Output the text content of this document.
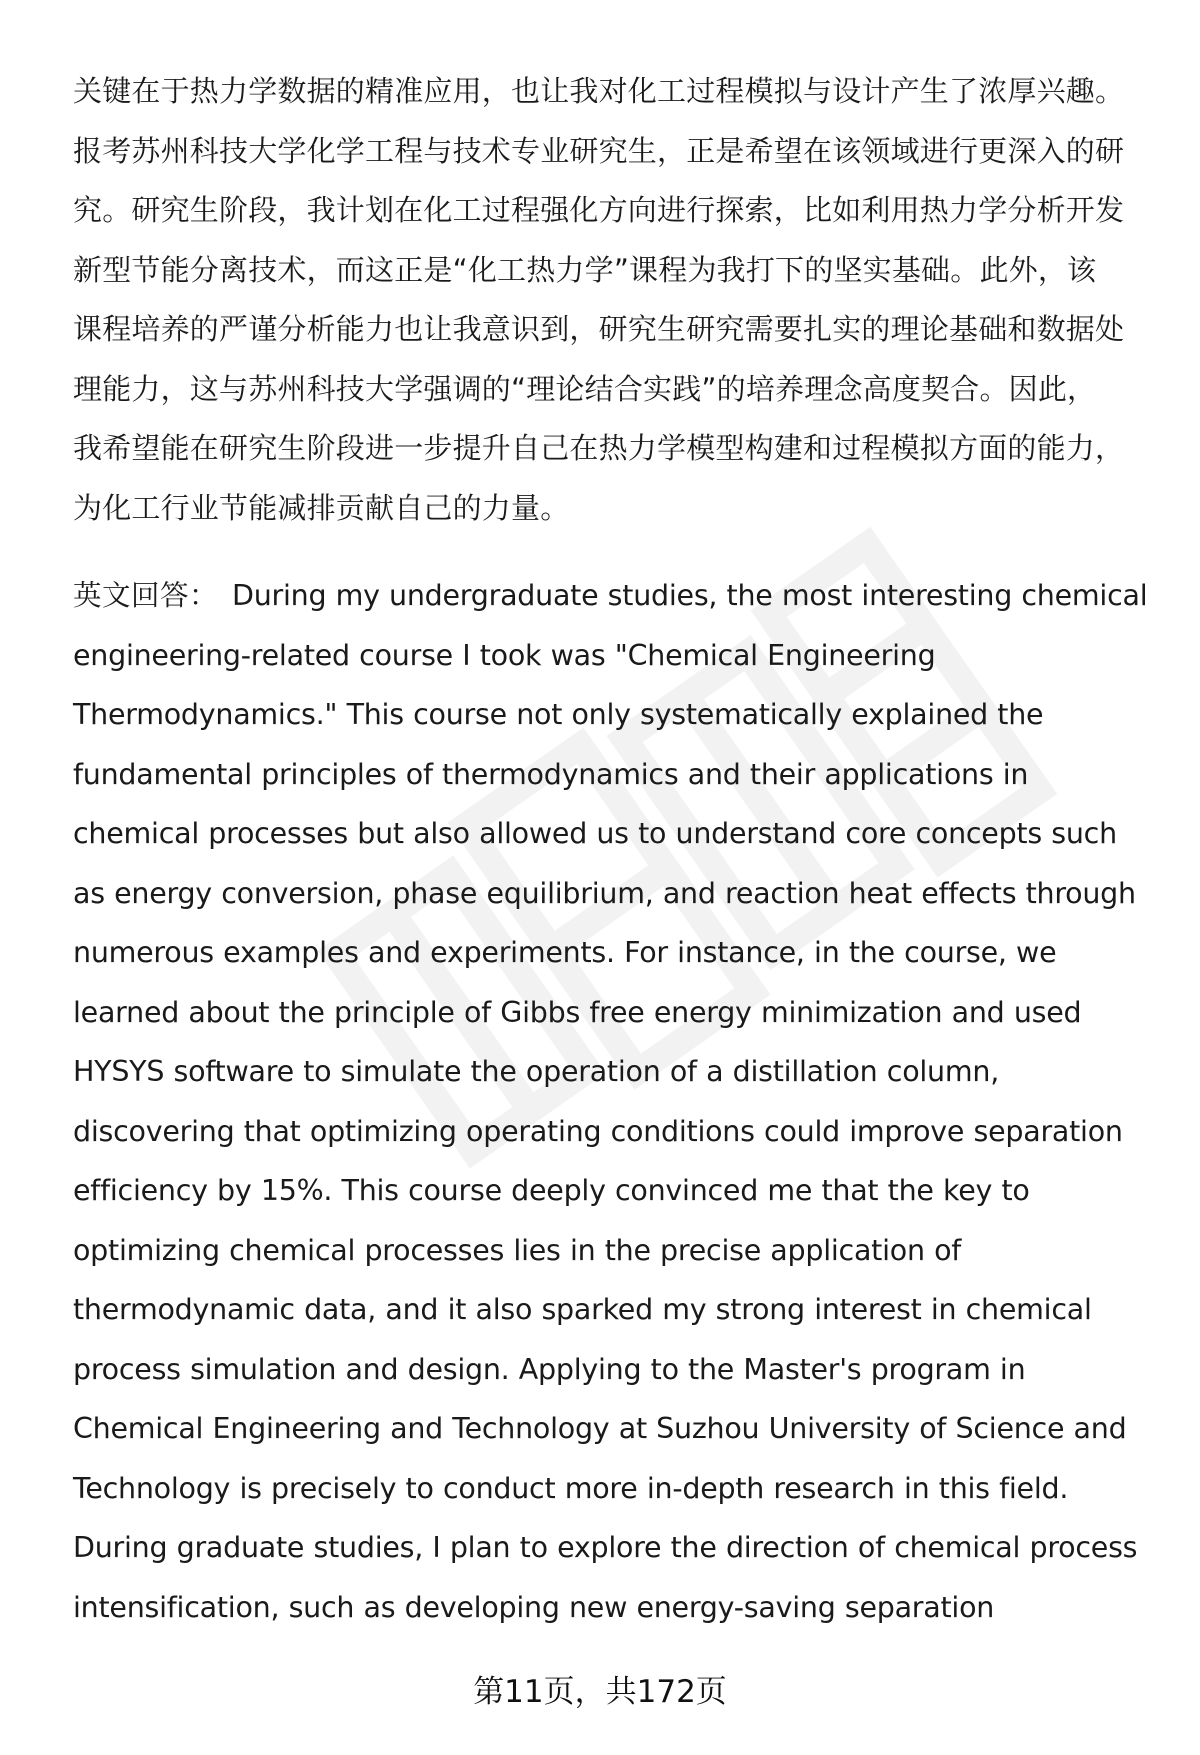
关键在于热力学数据的精准应用，也让我对化工过程模拟与设计产生了浓厚兴趣。
报考苏州科技大学化学工程与技术专业研究生，正是希望在该领域进行更深入的研
究。研究生阶段，我计划在化工过程强化方向进行探索，比如利用热力学分析开发
新型节能分离技术，而这正是“化工热力学”课程为我打下的坚实基础。此外，该
课程培养的严谨分析能力也让我意识到，研究生研究需要扎实的理论基础和数据处
理能力，这与苏州科技大学强调的“理论结合实践”的培养理念高度契合。因此，
我希望能在研究生阶段进一步提升自己在热力学模型构建和过程模拟方面的能力，
为化工行业节能减排贡献自己的力量。
英文回答： During my undergraduate studies, the most interesting chemical
engineering-related course I took was "Chemical Engineering
Thermodynamics." This course not only systematically explained the
fundamental principles of thermodynamics and their applications in
chemical processes but also allowed us to understand core concepts such
as energy conversion, phase equilibrium, and reaction heat effects through
numerous examples and experiments. For instance, in the course, we
learned about the principle of Gibbs free energy minimization and used
HYSYS software to simulate the operation of a distillation column,
discovering that optimizing operating conditions could improve separation
efficiency by 15%. This course deeply convinced me that the key to
optimizing chemical processes lies in the precise application of
thermodynamic data, and it also sparked my strong interest in chemical
process simulation and design. Applying to the Master's program in
Chemical Engineering and Technology at Suzhou University of Science and
Technology is precisely to conduct more in-depth research in this field.
During graduate studies, I plan to explore the direction of chemical process
intensification, such as developing new energy-saving separation
第11页，共172页
